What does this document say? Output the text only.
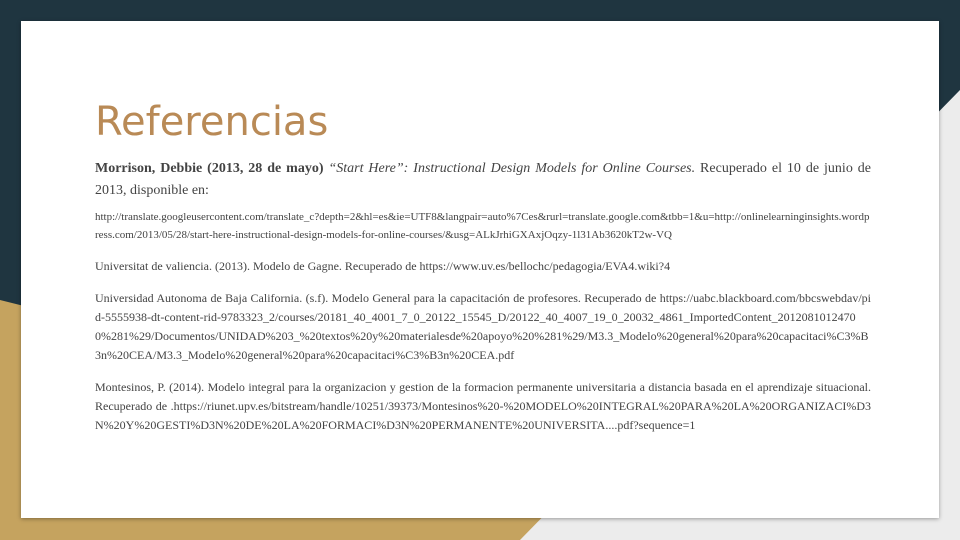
Referencias

Morrison, Debbie (2013, 28 de mayo) “Start Here”: Instructional Design Models for Online Courses. Recuperado el 10 de junio de 2013, disponible en:
http://translate.googleusercontent.com/translate_c?depth=2&hl=es&ie=UTF8&langpair=auto%7Ces&rurl=translate.google.com&tbb=1&u=http://onlinelearninginsights.wordpress.com/2013/05/28/start-here-instructional-design-models-for-online-courses/&usg=ALkJrhiGXAxjOqzy-1l31Ab3620kT2w-VQ

Universitat de valiencia. (2013). Modelo de Gagne. Recuperado de https://www.uv.es/bellochc/pedagogia/EVA4.wiki?4

Universidad Autonoma de Baja California. (s.f). Modelo General para la capacitación de profesores. Recuperado de https://uabc.blackboard.com/bbcswebdav/pid-5555938-dt-content-rid-9783323_2/courses/20181_40_4001_7_0_20122_15545_D/20122_40_4007_19_0_20032_4861_ImportedContent_20120810124700%281%29/Documentos/UNIDAD%203_%20textos%20y%20materialesde%20apoyo%20%281%29/M3.3_Modelo%20general%20para%20capacitaci%C3%B3n%20CEA/M3.3_Modelo%20general%20para%20capacitaci%C3%B3n%20CEA.pdf

Montesinos, P. (2014). Modelo integral para la organizacion y gestion de la formacion permanente universitaria a distancia basada en el aprendizaje situacional. Recuperado de .https://riunet.upv.es/bitstream/handle/10251/39373/Montesinos%20-%20MODELO%20INTEGRAL%20PARA%20LA%20ORGANIZACI%D3N%20Y%20GESTI%D3N%20DE%20LA%20FORMACI%D3N%20PERMANENTE%20UNIVERSITA....pdf?sequence=1
